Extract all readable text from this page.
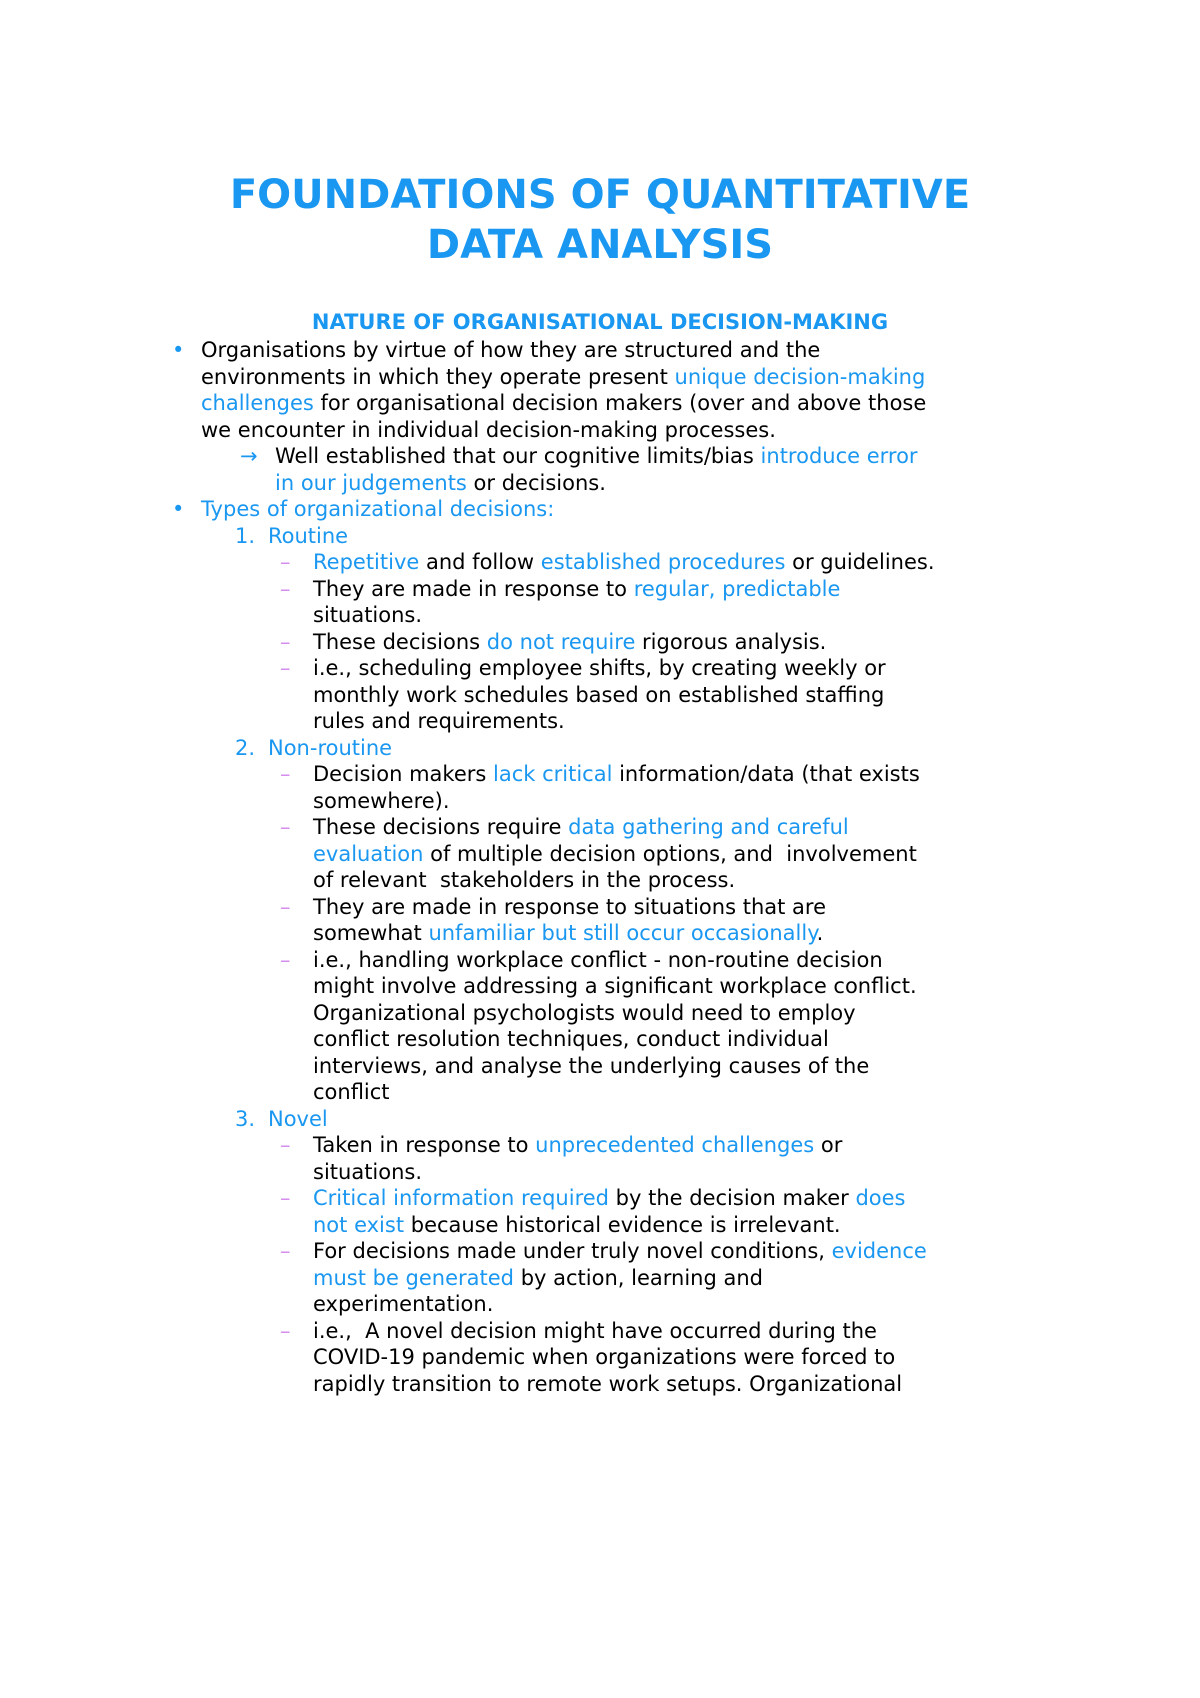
FOUNDATIONS OF QUANTITATIVE
DATA ANALYSIS
NATURE OF ORGANISATIONAL DECISION-MAKING
• Organisations by virtue of how they are structured and the
environments in which they operate present unique decision-making
challenges for organisational decision makers (over and above those
we encounter in individual decision-making processes.
→ Well established that our cognitive limits/bias introduce error
in our judgements or decisions.
• Types of organizational decisions:
1. Routine
–	Repetitive and follow established procedures or guidelines.
–	They are made in response to regular, predictable
situations.
–	These decisions do not require rigorous analysis.
–	i.e., scheduling employee shifts, by creating weekly or
monthly work schedules based on established staffing
rules and requirements.
2. Non-routine
–	Decision makers lack critical information/data (that exists
somewhere).
–	These decisions require data gathering and careful
evaluation of multiple decision options, and  involvement
of relevant  stakeholders in the process.
–	They are made in response to situations that are
somewhat unfamiliar but still occur occasionally.
–	i.e., handling workplace conflict - non-routine decision
might involve addressing a significant workplace conflict.
Organizational psychologists would need to employ
conflict resolution techniques, conduct individual
interviews, and analyse the underlying causes of the
conflict
3. Novel
–	Taken in response to unprecedented challenges or
situations.
–	Critical information required by the decision maker does
not exist because historical evidence is irrelevant.
–	For decisions made under truly novel conditions, evidence
must be generated by action, learning and
experimentation.
–	i.e.,  A novel decision might have occurred during the
COVID-19 pandemic when organizations were forced to
rapidly transition to remote work setups. Organizational
